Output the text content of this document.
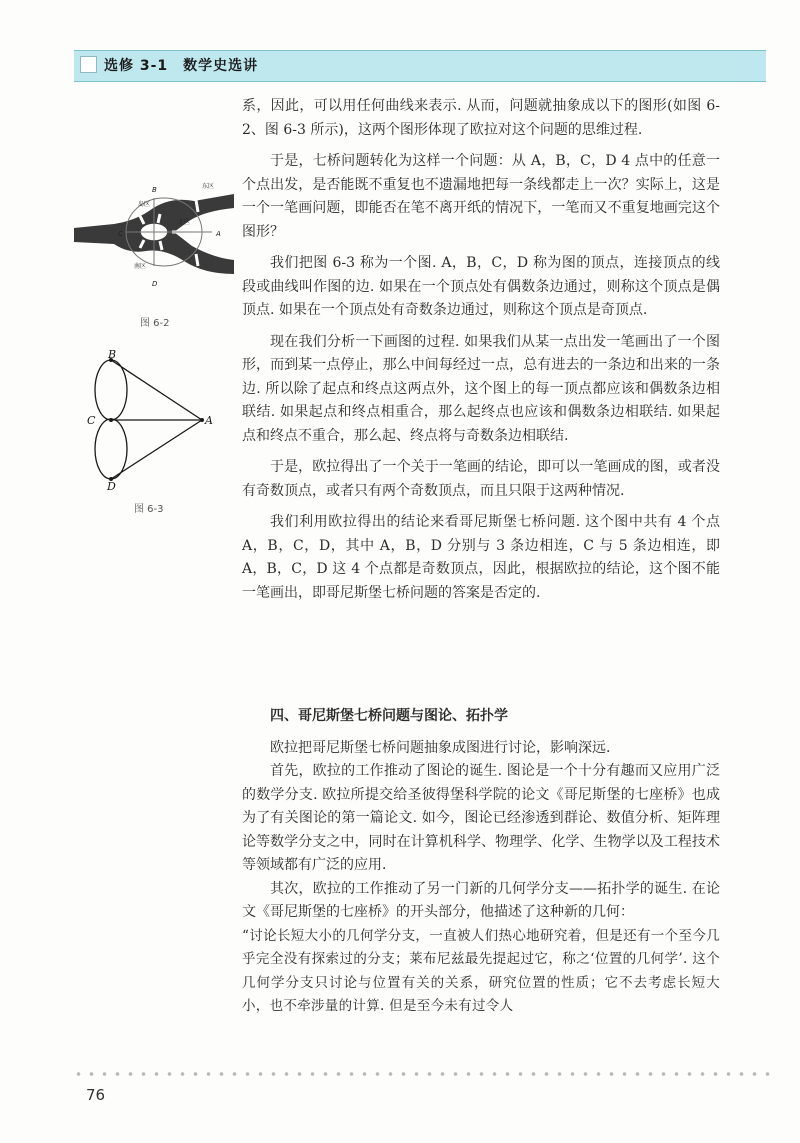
选修 3-1　数学史选讲
B
C	A
D
岛区
东区
北区
南区
图 6-2
B
C	A
D
图 6-3

系，因此，可以用任何曲线来表示. 从而，问题就抽象成以下的图形(如图 6-2、图 6-3 所示)，这两个图形体现了欧拉对这个问题的思维过程.

于是，七桥问题转化为这样一个问题：从 A，B，C，D 4 点中的任意一个点出发，是否能既不重复也不遗漏地把每一条线都走上一次？实际上，这是一个一笔画问题，即能否在笔不离开纸的情况下，一笔而又不重复地画完这个图形？

我们把图 6-3 称为一个图. A，B，C，D 称为图的顶点，连接顶点的线段或曲线叫作图的边. 如果在一个顶点处有偶数条边通过，则称这个顶点是偶顶点. 如果在一个顶点处有奇数条边通过，则称这个顶点是奇顶点.

现在我们分析一下画图的过程. 如果我们从某一点出发一笔画出了一个图形，而到某一点停止，那么中间每经过一点，总有进去的一条边和出来的一条边. 所以除了起点和终点这两点外，这个图上的每一顶点都应该和偶数条边相联结. 如果起点和终点相重合，那么起终点也应该和偶数条边相联结. 如果起点和终点不重合，那么起、终点将与奇数条边相联结.

于是，欧拉得出了一个关于一笔画的结论，即可以一笔画成的图，或者没有奇数顶点，或者只有两个奇数顶点，而且只限于这两种情况.

我们利用欧拉得出的结论来看哥尼斯堡七桥问题. 这个图中共有 4 个点 A，B，C，D，其中 A，B，D 分别与 3 条边相连，C 与 5 条边相连，即 A，B，C，D 这 4 个点都是奇数顶点，因此，根据欧拉的结论，这个图不能一笔画出，即哥尼斯堡七桥问题的答案是否定的.

四、哥尼斯堡七桥问题与图论、拓扑学

欧拉把哥尼斯堡七桥问题抽象成图进行讨论，影响深远.

首先，欧拉的工作推动了图论的诞生. 图论是一个十分有趣而又应用广泛的数学分支. 欧拉所提交给圣彼得堡科学院的论文《哥尼斯堡的七座桥》也成为了有关图论的第一篇论文. 如今，图论已经渗透到群论、数值分析、矩阵理论等数学分支之中，同时在计算机科学、物理学、化学、生物学以及工程技术等领域都有广泛的应用.

其次，欧拉的工作推动了另一门新的几何学分支——拓扑学的诞生. 在论文《哥尼斯堡的七座桥》的开头部分，他描述了这种新的几何：

“讨论长短大小的几何学分支，一直被人们热心地研究着，但是还有一个至今几乎完全没有探索过的分支；莱布尼兹最先提起过它，称之‘位置的几何学’. 这个几何学分支只讨论与位置有关的关系，研究位置的性质；它不去考虑长短大小，也不牵涉量的计算. 但是至今未有过令人

76
